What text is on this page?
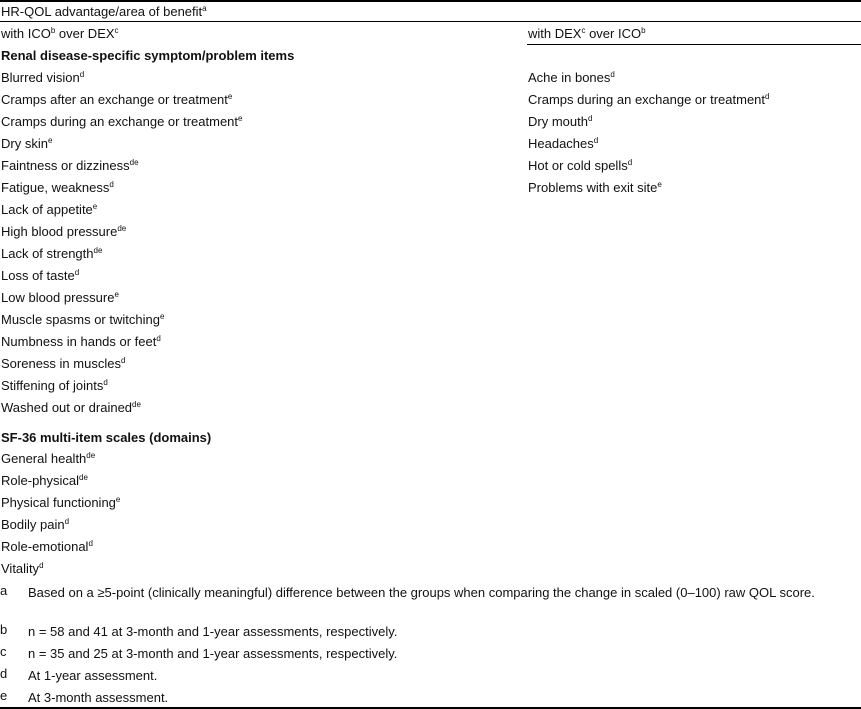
HR-QOL advantage/area of benefit$^a$
with ICO$^b$ over DEX$^c$	with DEX$^c$ over ICO$^b$
Renal disease-specific symptom/problem items
Blurred vision$^d$
Cramps after an exchange or treatment$^e$
Cramps during an exchange or treatment$^e$
Dry skin$^e$
Faintness or dizziness$^{de}$
Fatigue, weakness$^d$
Lack of appetite$^e$
High blood pressure$^{de}$
Lack of strength$^{de}$
Loss of taste$^d$
Low blood pressure$^e$
Muscle spasms or twitching$^e$
Numbness in hands or feet$^d$
Soreness in muscles$^d$
Stiffening of joints$^d$
Washed out or drained$^{de}$
Ache in bones$^d$
Cramps during an exchange or treatment$^d$
Dry mouth$^d$
Headaches$^d$
Hot or cold spells$^d$
Problems with exit site$^e$
SF-36 multi-item scales (domains)
General health$^{de}$
Role-physical$^{de}$
Physical functioning$^e$
Bodily pain$^d$
Role-emotional$^d$
Vitality$^d$
a Based on a ≥5-point (clinically meaningful) difference between the groups when comparing the change in scaled (0–100) raw QOL score.
b n = 58 and 41 at 3-month and 1-year assessments, respectively.
c n = 35 and 25 at 3-month and 1-year assessments, respectively.
d At 1-year assessment.
e At 3-month assessment.
